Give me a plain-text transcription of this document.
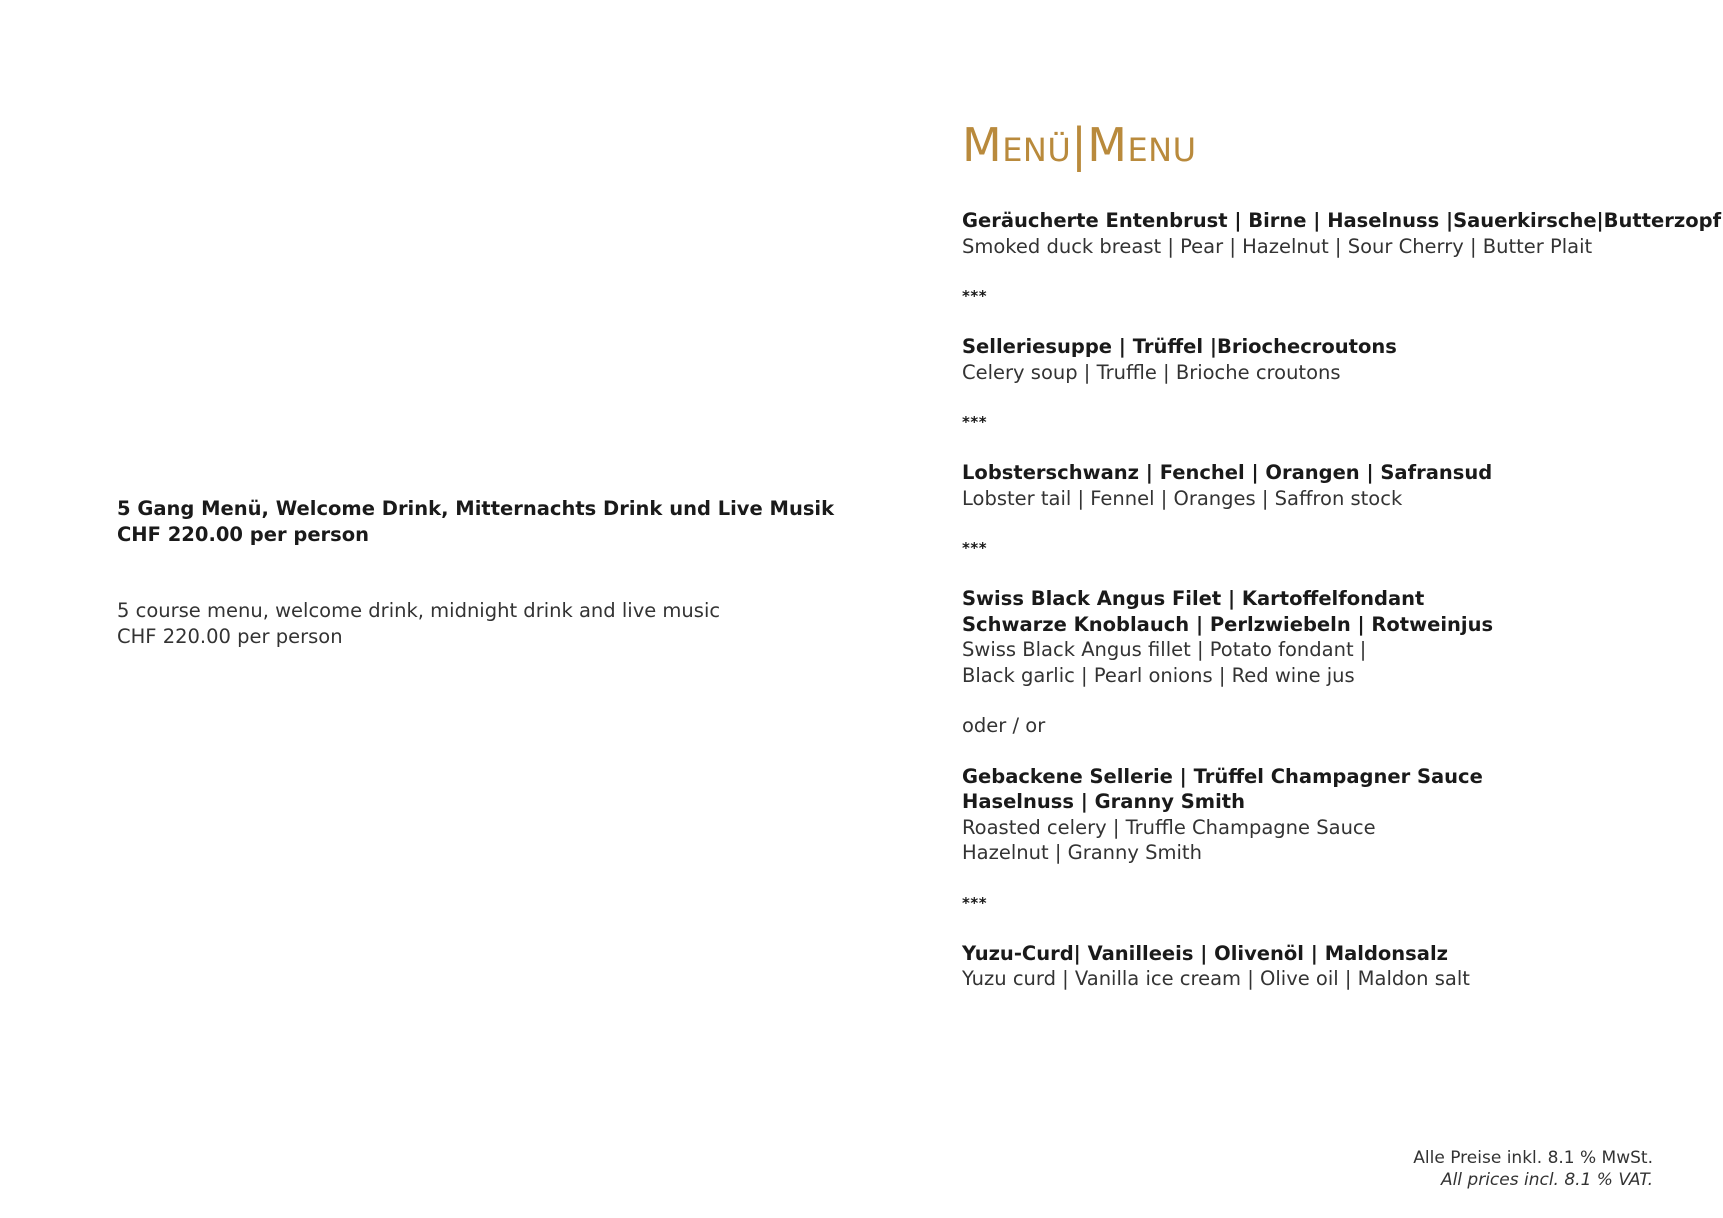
5 Gang Menü, Welcome Drink, Mitternachts Drink und Live Musik

CHF 220.00 per person

5 course menu, welcome drink, midnight drink and live music

CHF 220.00 per person

Menü|Menu

Geräucherte Entenbrust | Birne | Haselnuss |Sauerkirsche|Butterzopf

Smoked duck breast | Pear | Hazelnut | Sour Cherry | Butter Plait

***

Selleriesuppe | Trüffel |Briochecroutons

Celery soup | Truffle | Brioche croutons

***

Lobsterschwanz | Fenchel | Orangen | Safransud

Lobster tail | Fennel | Oranges | Saffron stock

***

Swiss Black Angus Filet | Kartoffelfondant

Schwarze Knoblauch | Perlzwiebeln | Rotweinjus

Swiss Black Angus fillet | Potato fondant |

Black garlic | Pearl onions | Red wine jus

oder / or

Gebackene Sellerie | Trüffel Champagner Sauce

Haselnuss | Granny Smith

Roasted celery | Truffle Champagne Sauce

Hazelnut | Granny Smith

***

Yuzu-Curd| Vanilleeis | Olivenöl | Maldonsalz

Yuzu curd | Vanilla ice cream | Olive oil | Maldon salt

Alle Preise inkl. 8.1 % MwSt.

All prices incl. 8.1 % VAT.
